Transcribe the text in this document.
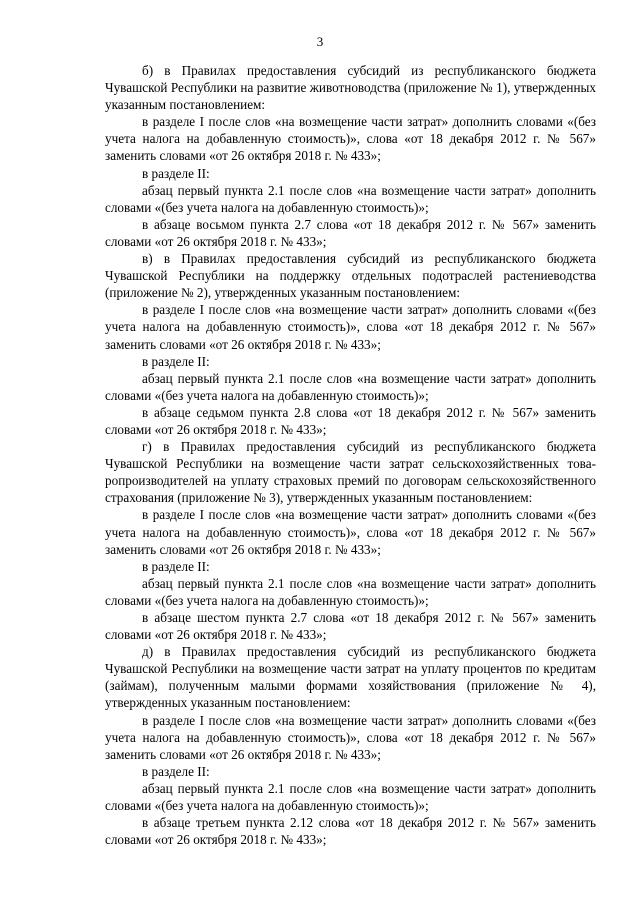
3

б) в Правилах предоставления субсидий из республиканского бюджета Чувашской Республики на развитие животноводства (приложение № 1), утвержденных указанным постановлением:

в разделе I после слов «на возмещение части затрат» дополнить словами «(без учета налога на добавленную стоимость)», слова «от 18 декабря 2012 г. № 567» заменить словами «от 26 октября 2018 г. № 433»;

в разделе II:

абзац первый пункта 2.1 после слов «на возмещение части затрат» дополнить словами «(без учета налога на добавленную стоимость)»;

в абзаце восьмом пункта 2.7 слова «от 18 декабря 2012 г. № 567» заменить словами «от 26 октября 2018 г. № 433»;

в) в Правилах предоставления субсидий из республиканского бюджета Чувашской Республики на поддержку отдельных подотраслей растениеводства (приложение № 2), утвержденных указанным постановлением:

в разделе I после слов «на возмещение части затрат» дополнить словами «(без учета налога на добавленную стоимость)», слова «от 18 декабря 2012 г. № 567» заменить словами «от 26 октября 2018 г. № 433»;

в разделе II:

абзац первый пункта 2.1 после слов «на возмещение части затрат» дополнить словами «(без учета налога на добавленную стоимость)»;

в абзаце седьмом пункта 2.8 слова «от 18 декабря 2012 г. № 567» заменить словами «от 26 октября 2018 г. № 433»;

г) в Правилах предоставления субсидий из республиканского бюджета Чувашской Республики на возмещение части затрат сельскохозяйственных товаропроизводителей на уплату страховых премий по договорам сельскохозяйственного страхования (приложение № 3), утвержденных указанным постановлением:

в разделе I после слов «на возмещение части затрат» дополнить словами «(без учета налога на добавленную стоимость)», слова «от 18 декабря 2012 г. № 567» заменить словами «от 26 октября 2018 г. № 433»;

в разделе II:

абзац первый пункта 2.1 после слов «на возмещение части затрат» дополнить словами «(без учета налога на добавленную стоимость)»;

в абзаце шестом пункта 2.7 слова «от 18 декабря 2012 г. № 567» заменить словами «от 26 октября 2018 г. № 433»;

д) в Правилах предоставления субсидий из республиканского бюджета Чувашской Республики на возмещение части затрат на уплату процентов по кредитам (займам), полученным малыми формами хозяйствования (приложение № 4), утвержденных указанным постановлением:

в разделе I после слов «на возмещение части затрат» дополнить словами «(без учета налога на добавленную стоимость)», слова «от 18 декабря 2012 г. № 567» заменить словами «от 26 октября 2018 г. № 433»;

в разделе II:

абзац первый пункта 2.1 после слов «на возмещение части затрат» дополнить словами «(без учета налога на добавленную стоимость)»;

в абзаце третьем пункта 2.12 слова «от 18 декабря 2012 г. № 567» заменить словами «от 26 октября 2018 г. № 433»;
